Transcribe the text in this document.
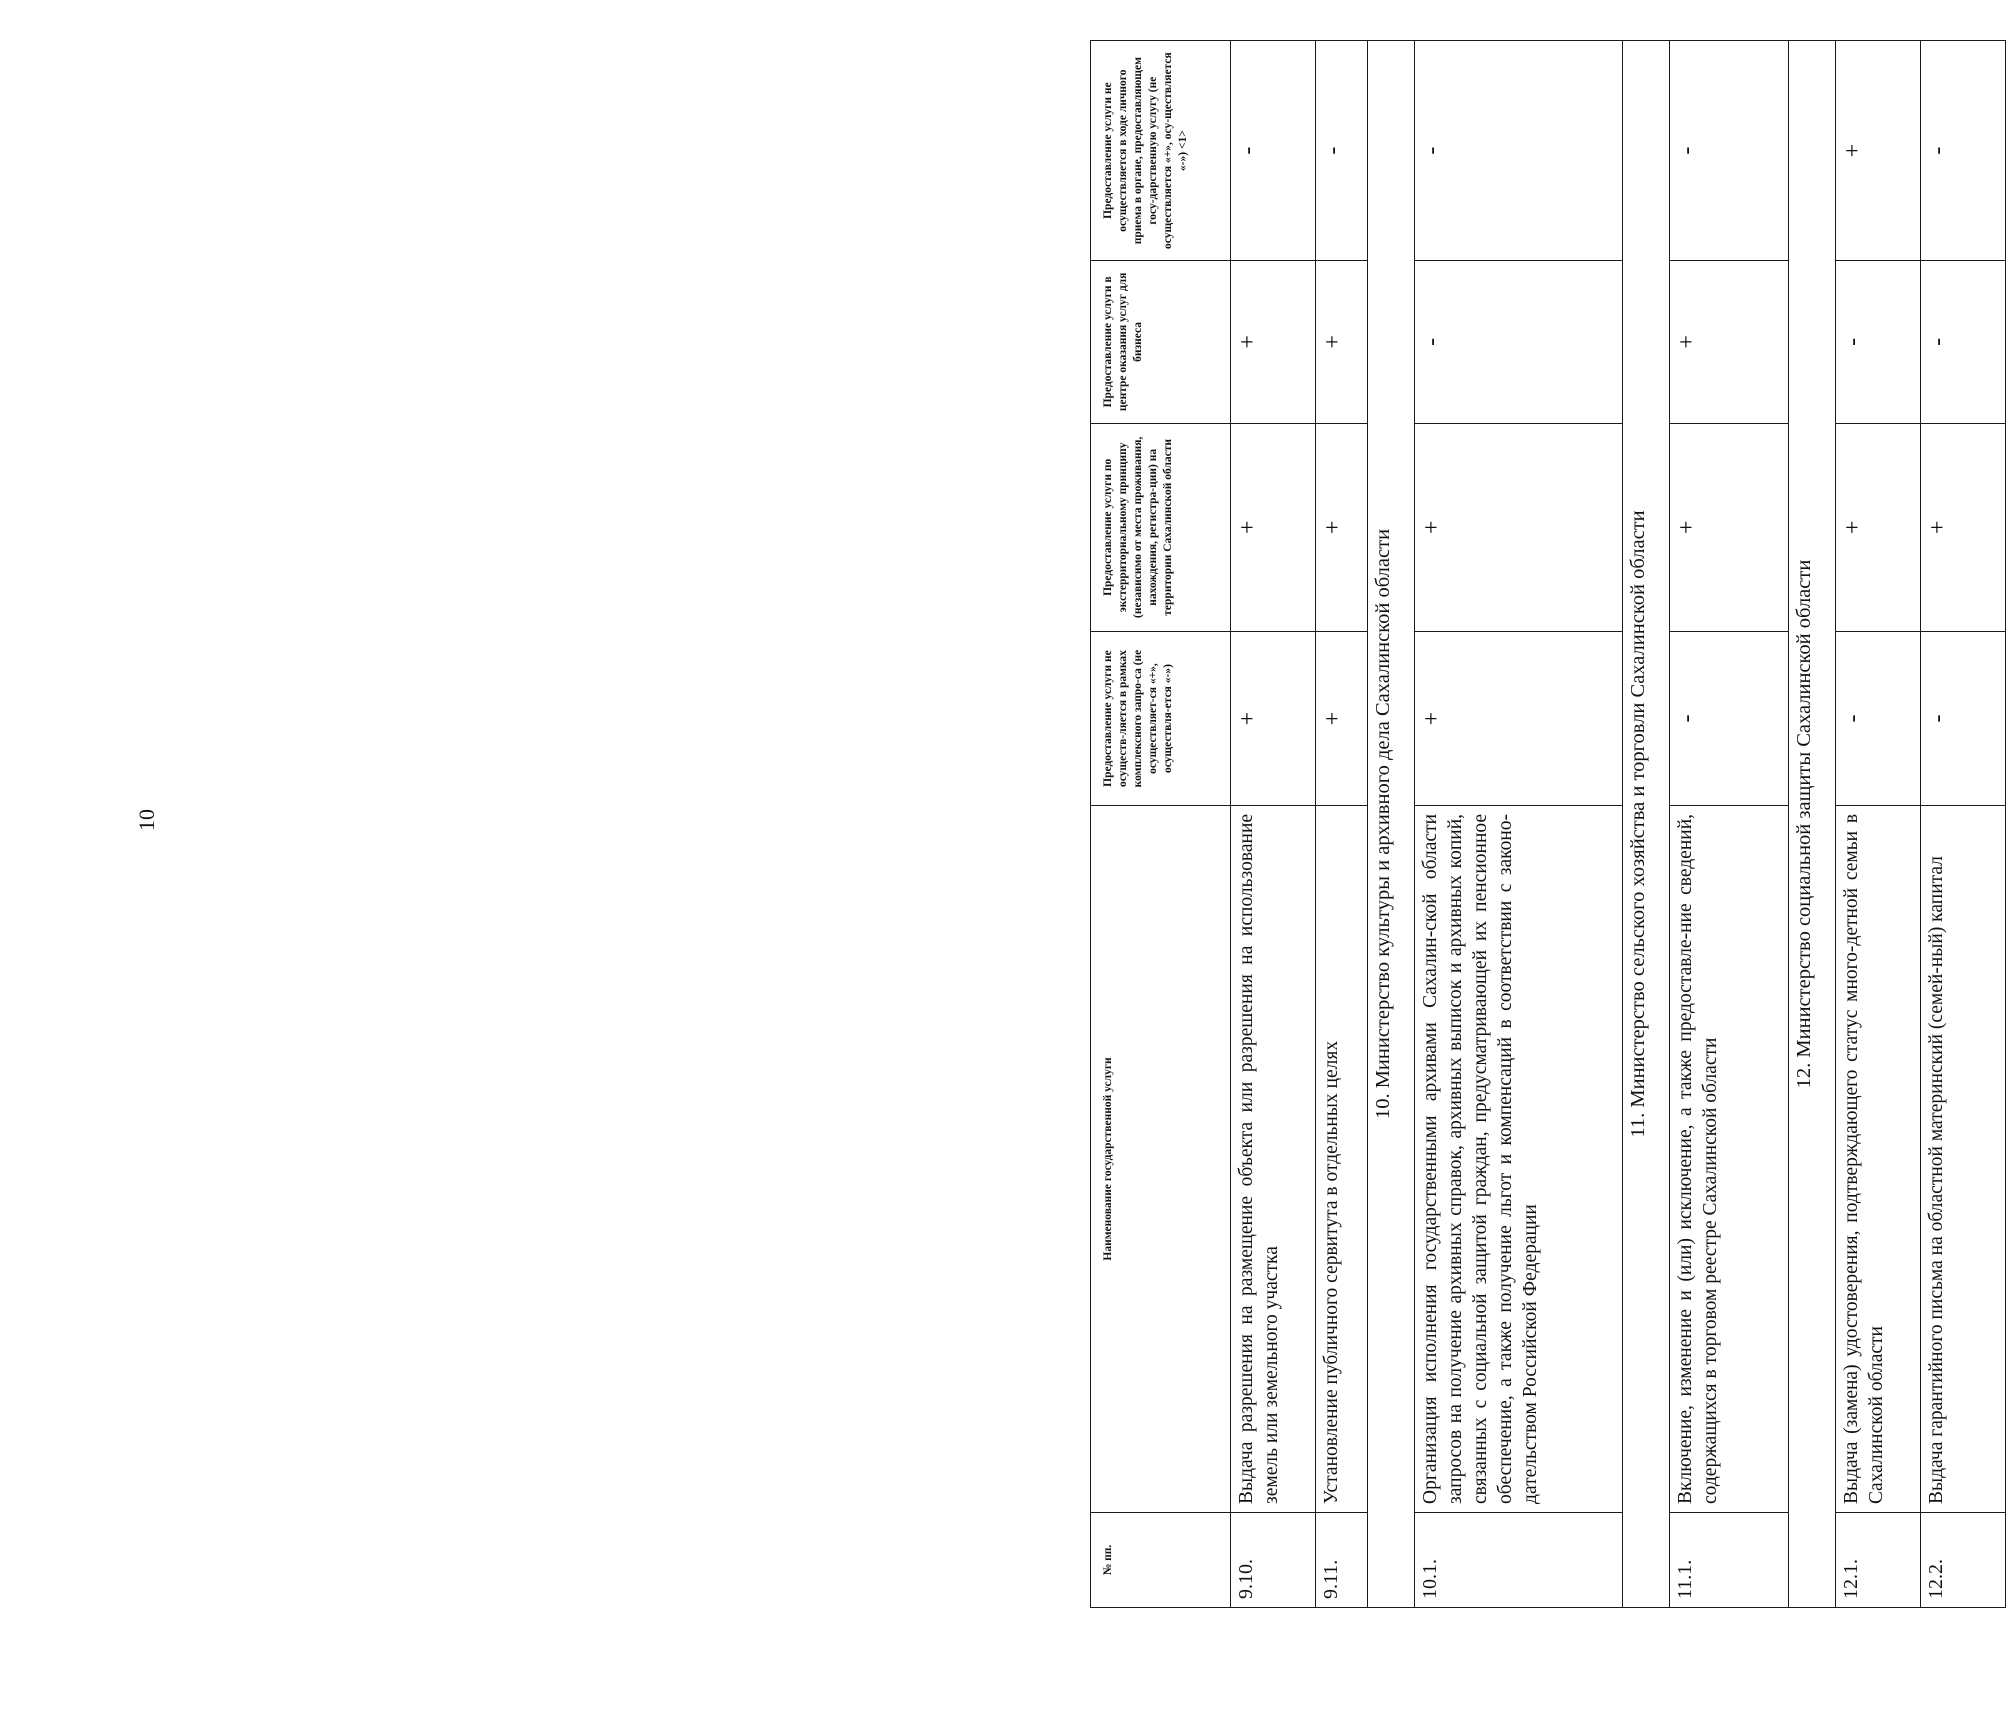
10
№ пп.	Наименование государственной услуги	Предоставление услуги не осуществ-ляется в рамках комплексного запро-са (не осуществляет-ся «+», осуществля-ется «-»)	Предоставление услуги по экстерриториальному принципу (независимо от места проживания, нахождения, регистра-ции) на территории Сахалинской области	Предоставление услуги в центре оказания услуг для бизнеса	Предоставление услуги не осуществляется в ходе личного приема в органе, предоставляющем госу-дарственную услугу (не осуществляется «+», осу-ществляется «-») <1>
9.10.	Выдача разрешения на размещение объекта или разрешения на использование земель или земельного участка	+	+	+	-
9.11.	Установление публичного сервитута в отдельных целях	+	+	+	-
10. Министерство культуры и архивного дела Сахалинской области					
10.1.	Организация исполнения государственными архивами Сахалин-ской области запросов на получение архивных справок, архивных выписок и архивных копий, связанных с социальной защитой граждан, предусматривающей их пенсионное обеспечение, а также получение льгот и компенсаций в соответствии с законо-дательством Российской Федерации	+	+	-	-
11. Министерство сельского хозяйства и торговли Сахалинской области					
11.1.	Включение, изменение и (или) исключение, а также предоставле-ние сведений, содержащихся в торговом реестре Сахалинской области	-	+	+	-
12. Министерство социальной защиты Сахалинской области					
12.1.	Выдача (замена) удостоверения, подтверждающего статус много-детной семьи в Сахалинской области	-	+	-	+
12.2.	Выдача гарантийного письма на областной материнский (семей-ный) капитал	-	+	-	-
